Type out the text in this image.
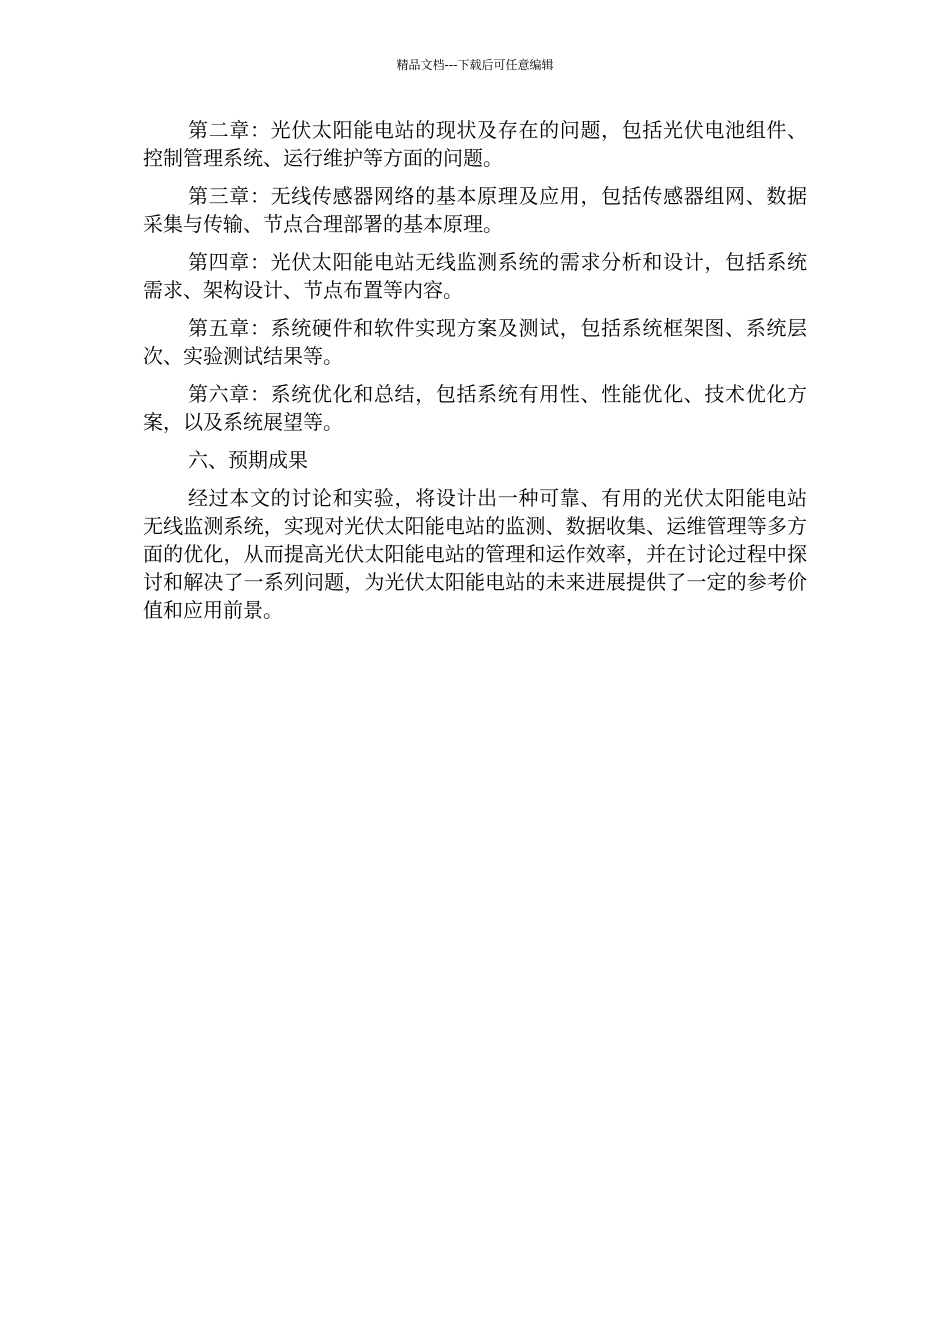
精品文档---下载后可任意编辑

第二章：光伏太阳能电站的现状及存在的问题，包括光伏电池组件、控制管理系统、运行维护等方面的问题。

第三章：无线传感器网络的基本原理及应用，包括传感器组网、数据采集与传输、节点合理部署的基本原理。

第四章：光伏太阳能电站无线监测系统的需求分析和设计，包括系统需求、架构设计、节点布置等内容。

第五章：系统硬件和软件实现方案及测试，包括系统框架图、系统层次、实验测试结果等。

第六章：系统优化和总结，包括系统有用性、性能优化、技术优化方案，以及系统展望等。

六、预期成果

经过本文的讨论和实验，将设计出一种可靠、有用的光伏太阳能电站无线监测系统，实现对光伏太阳能电站的监测、数据收集、运维管理等多方面的优化，从而提高光伏太阳能电站的管理和运作效率，并在讨论过程中探讨和解决了一系列问题，为光伏太阳能电站的未来进展提供了一定的参考价值和应用前景。
